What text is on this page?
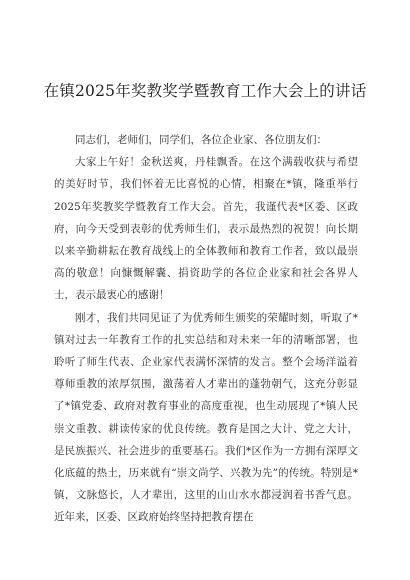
在镇2025年奖教奖学暨教育工作大会上的讲话

同志们，老师们，同学们，各位企业家、各位朋友们：

大家上午好！金秋送爽，丹桂飘香。在这个满载收获与希望的美好时节，我们怀着无比喜悦的心情，相聚在*镇，隆重举行2025年奖教奖学暨教育工作大会。首先，我谨代表*区委、区政府，向今天受到表彰的优秀师生们，表示最热烈的祝贺！向长期以来辛勤耕耘在教育战线上的全体教师和教育工作者，致以最崇高的敬意！向慷慨解囊、捐资助学的各位企业家和社会各界人士，表示最衷心的感谢！

刚才，我们共同见证了为优秀师生颁奖的荣耀时刻，听取了*镇对过去一年教育工作的扎实总结和对未来一年的清晰部署，也聆听了师生代表、企业家代表满怀深情的发言。整个会场洋溢着尊师重教的浓厚氛围，激荡着人才辈出的蓬勃朝气，这充分彰显了*镇党委、政府对教育事业的高度重视，也生动展现了*镇人民崇文重教、耕读传家的优良传统。教育是国之大计、党之大计，是民族振兴、社会进步的重要基石。我们*区作为一方拥有深厚文化底蕴的热土，历来就有“崇文尚学、兴教为先”的传统。特别是*镇，文脉悠长，人才辈出，这里的山山水水都浸润着书香气息。近年来，区委、区政府始终坚持把教育摆在
